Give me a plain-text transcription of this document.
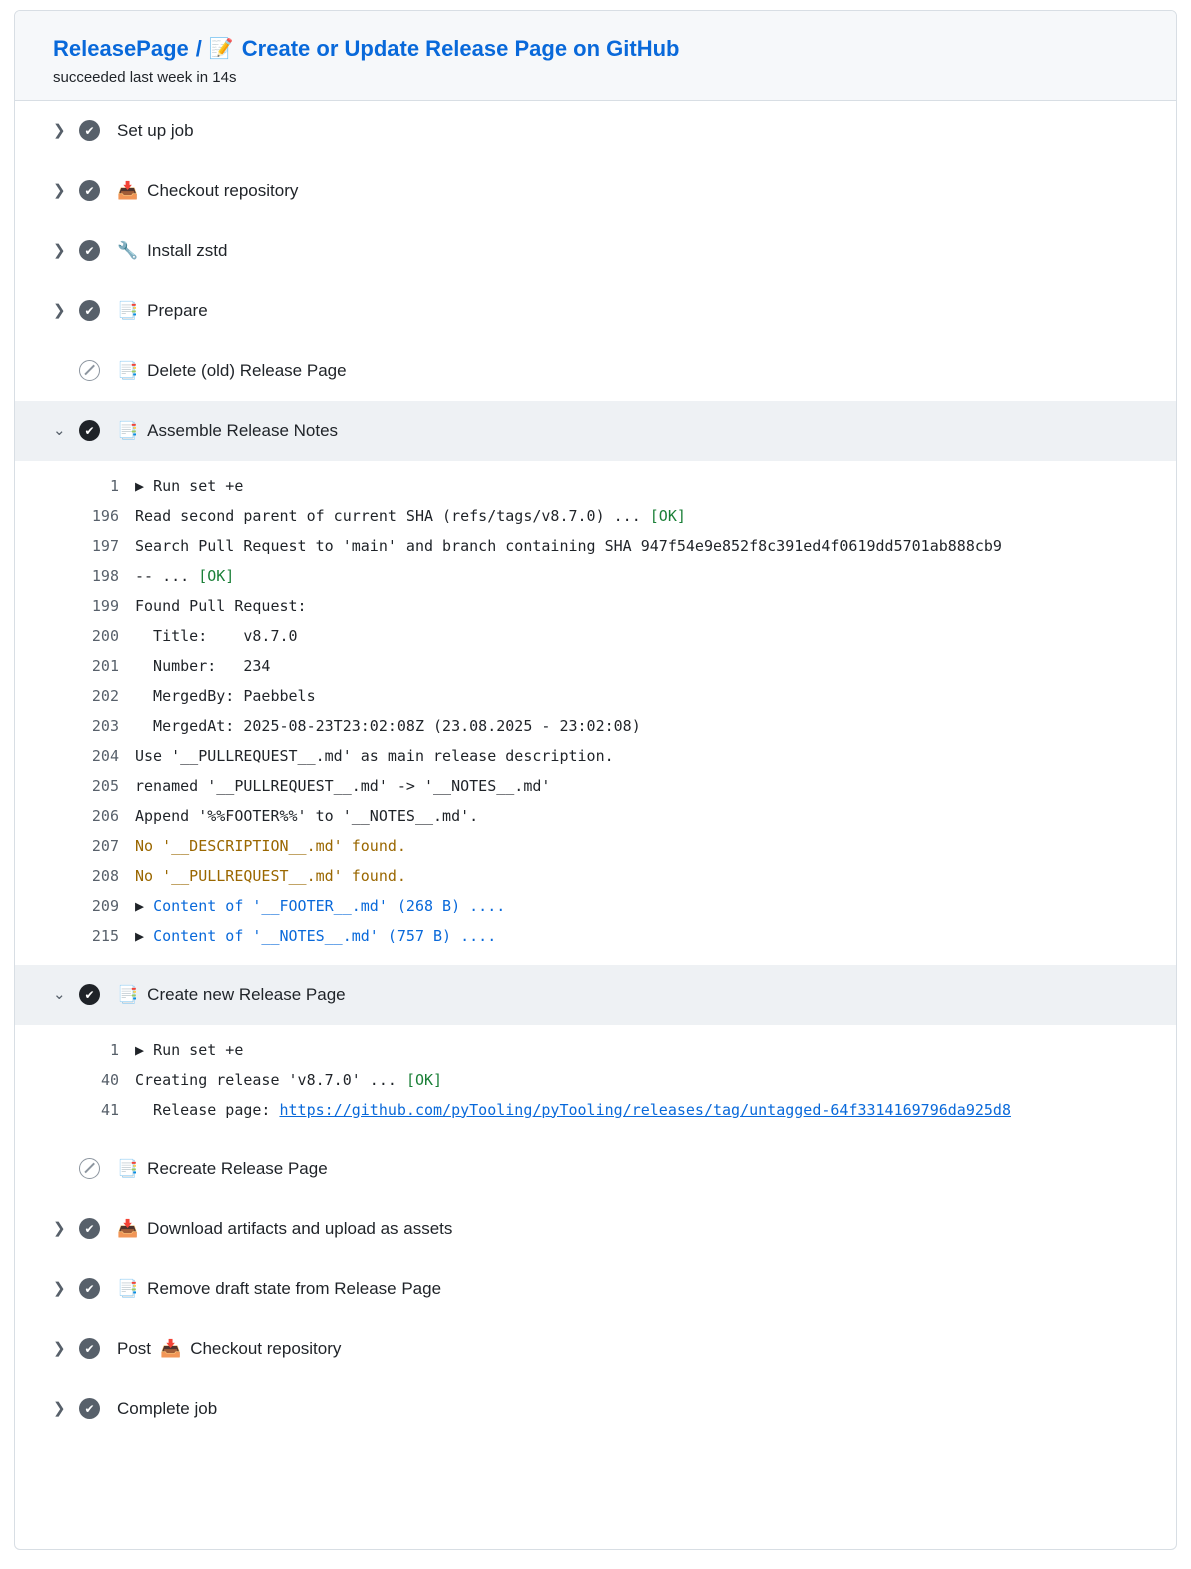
ReleasePage / 📝 Create or Update Release Page on GitHub
succeeded last week in 14s
❯	✔	Set up job
❯	✔	📥 Checkout repository
❯	✔	🔧 Install zstd
❯	✔	📑 Prepare
📑 Delete (old) Release Page
⌄	✔	📑 Assemble Release Notes
1	▶ Run set +e
196	Read second parent of current SHA (refs/tags/v8.7.0) ... [OK]
197	Search Pull Request to 'main' and branch containing SHA 947f54e9e852f8c391ed4f0619dd5701ab888cb9
198	-- ... [OK]
199	Found Pull Request:
200	Title:    v8.7.0
201	Number:   234
202	MergedBy: Paebbels
203	MergedAt: 2025-08-23T23:02:08Z (23.08.2025 - 23:02:08)
204	Use '__PULLREQUEST__.md' as main release description.
205	renamed '__PULLREQUEST__.md' -> '__NOTES__.md'
206	Append '%%FOOTER%%' to '__NOTES__.md'.
207	No '__DESCRIPTION__.md' found.
208	No '__PULLREQUEST__.md' found.
209	▶ Content of '__FOOTER__.md' (268 B) ....
215	▶ Content of '__NOTES__.md' (757 B) ....
⌄	✔	📑 Create new Release Page
1	▶ Run set +e
40	Creating release 'v8.7.0' ... [OK]
41	Release page: https://github.com/pyTooling/pyTooling/releases/tag/untagged-64f3314169796da925d8
📑 Recreate Release Page
❯	✔	📥 Download artifacts and upload as assets
❯	✔	📑 Remove draft state from Release Page
❯	✔	Post 📥 Checkout repository
❯	✔	Complete job
